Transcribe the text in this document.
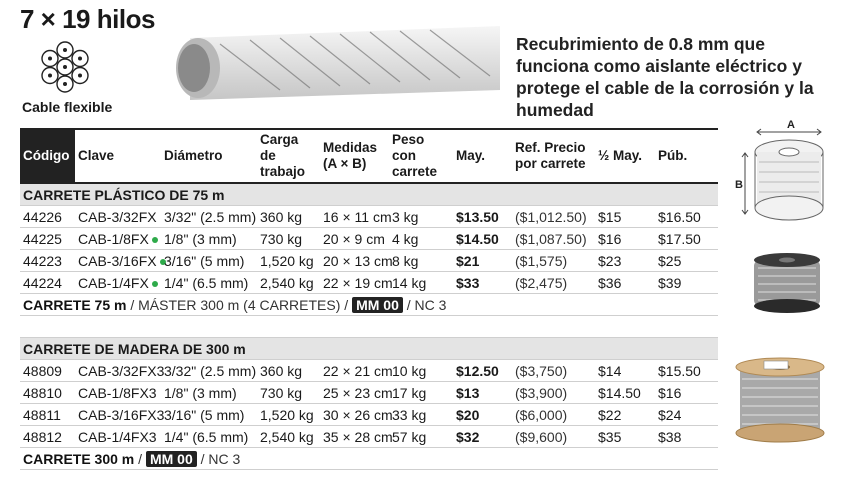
7 × 19 hilos
Cable flexible
Recubrimiento de 0.8 mm que funciona como aislante eléctrico y protege el cable de la corrosión y la humedad
Código	Clave	Diámetro	Carga de trabajo	Medidas (A × B)	Peso con carrete	May.	Ref. Precio por carrete	½ May.	Púb.
CARRETE PLÁSTICO DE 75 m									
44226	CAB-3/32FX	3/32" (2.5 mm)	360 kg	16 × 11 cm	3 kg	$13.50	($1,012.50)	$15	$16.50
44225	CAB-1/8FX	1/8" (3 mm)	730 kg	20 × 9 cm	4 kg	$14.50	($1,087.50)	$16	$17.50
44223	CAB-3/16FX	3/16" (5 mm)	1,520 kg	20 × 13 cm	8 kg	$21	($1,575)	$23	$25
44224	CAB-1/4FX	1/4" (6.5 mm)	2,540 kg	22 × 19 cm	14 kg	$33	($2,475)	$36	$39
CARRETE 75 m / MÁSTER 300 m (4 CARRETES) / MM 00 / NC 3									

CARRETE DE MADERA DE 300 m									
48809	CAB-3/32FX3	3/32" (2.5 mm)	360 kg	22 × 21 cm	10 kg	$12.50	($3,750)	$14	$15.50
48810	CAB-1/8FX3	1/8" (3 mm)	730 kg	25 × 23 cm	17 kg	$13	($3,900)	$14.50	$16
48811	CAB-3/16FX3	3/16" (5 mm)	1,520 kg	30 × 26 cm	33 kg	$20	($6,000)	$22	$24
48812	CAB-1/4FX3	1/4" (6.5 mm)	2,540 kg	35 × 28 cm	57 kg	$32	($9,600)	$35	$38
CARRETE 300 m / MM 00 / NC 3									
A
B
